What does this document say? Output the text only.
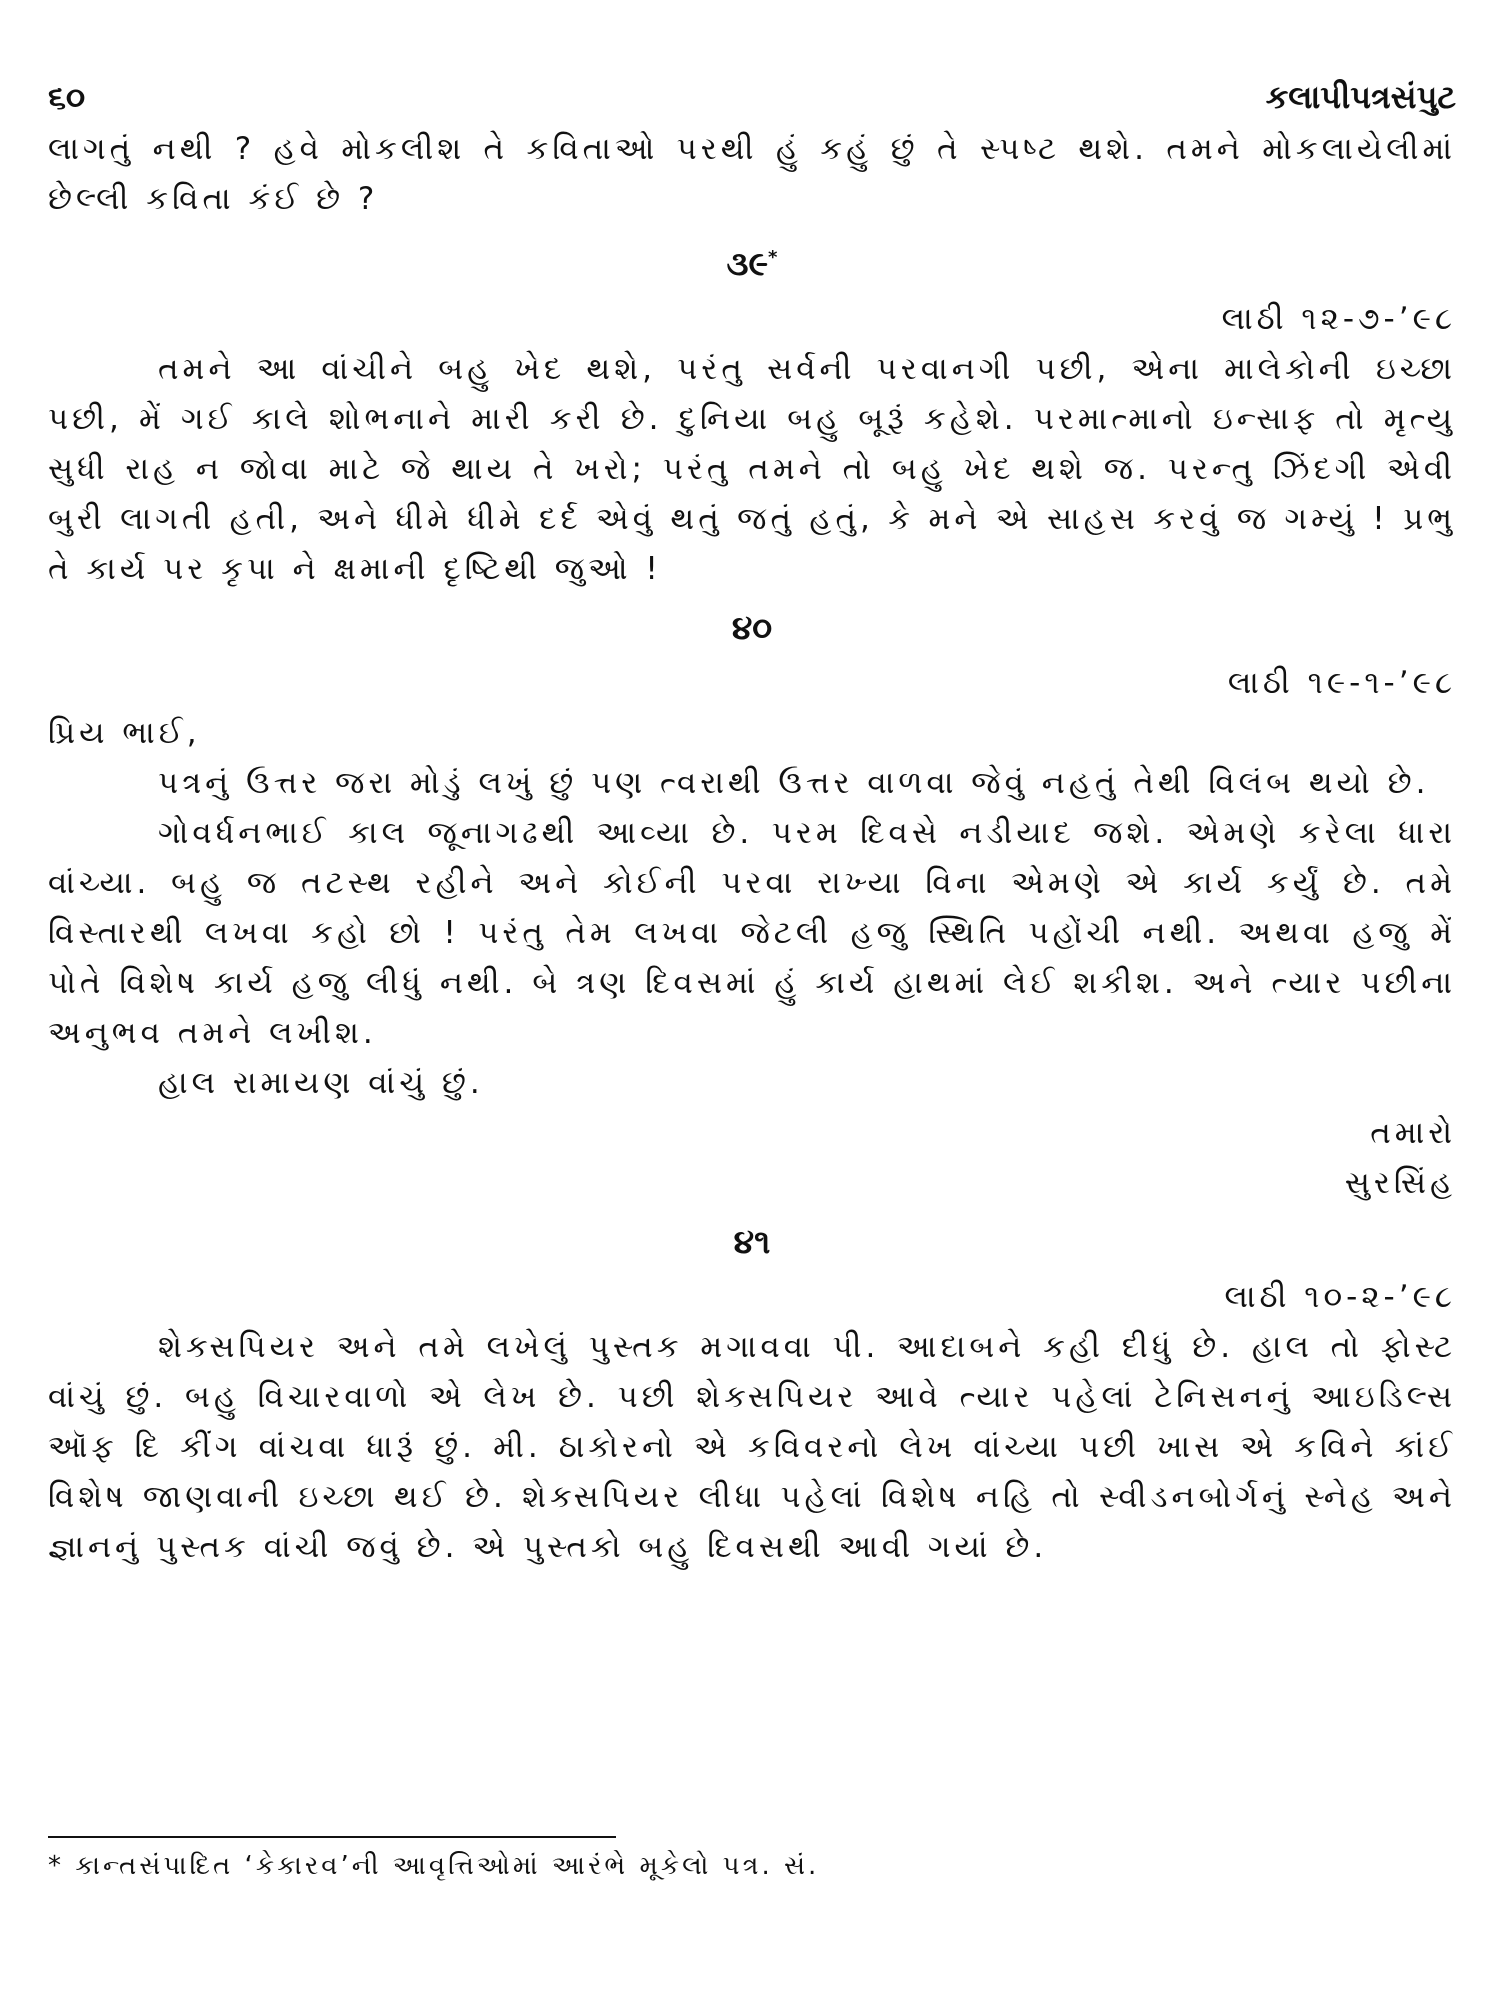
૬૦	કલાપીપત્રસંપુટ

લાગતું નથી ? હવે મોકલીશ તે કવિતાઓ પરથી હું કહું છું તે સ્પષ્ટ થશે. તમને મોકલાયેલીમાં છેલ્લી કવિતા કંઈ છે ?

૩૯*

લાઠી ૧૨-૭-’૯૮

તમને આ વાંચીને બહુ ખેદ થશે, પરંતુ સર્વની પરવાનગી પછી, એના માલેકોની ઇચ્છા પછી, મેં ગઈ કાલે શોભનાને મારી કરી છે. દુનિયા બહુ બૂરૂં કહેશે. પરમાત્માનો ઇન્સાફ તો મૃત્યુ સુધી રાહ ન જોવા માટે જે થાય તે ખરો; પરંતુ તમને તો બહુ ખેદ થશે જ. પરન્તુ ઝિંદગી એવી બુરી લાગતી હતી, અને ધીમે ધીમે દર્દ એવું થતું જતું હતું, કે મને એ સાહસ કરવું જ ગમ્યું ! પ્રભુ તે કાર્ય પર કૃપા ને ક્ષમાની દૃષ્ટિથી જુઓ !

૪૦

લાઠી ૧૯-૧-’૯૮

પ્રિય ભાઈ,

પત્રનું ઉત્તર જરા મોડું લખું છું પણ ત્વરાથી ઉત્તર વાળવા જેવું નહતું તેથી વિલંબ થયો છે.

ગોવર્ધનભાઈ કાલ જૂનાગઢથી આવ્યા છે. પરમ દિવસે નડીયાદ જશે. એમણે કરેલા ધારા વાંચ્યા. બહુ જ તટસ્થ રહીને અને કોઈની પરવા રાખ્યા વિના એમણે એ કાર્ય કર્યું છે. તમે વિસ્તારથી લખવા કહો છો ! પરંતુ તેમ લખવા જેટલી હજુ સ્થિતિ પહોંચી નથી. અથવા હજુ મેં પોતે વિશેષ કાર્ય હજુ લીધું નથી. બે ત્રણ દિવસમાં હું કાર્ય હાથમાં લેઈ શકીશ. અને ત્યાર પછીના અનુભવ તમને લખીશ.

હાલ રામાયણ વાંચું છું.

તમારો

સુરસિંહ

૪૧

લાઠી ૧૦-૨-’૯૮

શેક્સપિયર અને તમે લખેલું પુસ્તક મગાવવા પી. આદાબને કહી દીધું છે. હાલ તો ફોસ્ટ વાંચું છું. બહુ વિચારવાળો એ લેખ છે. પછી શેક્સપિયર આવે ત્યાર પહેલાં ટેનિસનનું આઇડિલ્સ ઑફ દિ કીંગ વાંચવા ધારૂં છું. મી. ઠાકોરનો એ કવિવરનો લેખ વાંચ્યા પછી ખાસ એ કવિને કાંઈ વિશેષ જાણવાની ઇચ્છા થઈ છે. શેક્સપિયર લીધા પહેલાં વિશેષ નહિ તો સ્વીડનબોર્ગનું સ્નેહ અને જ્ઞાનનું પુસ્તક વાંચી જવું છે. એ પુસ્તકો બહુ દિવસથી આવી ગયાં છે.

* કાન્તસંપાદિત ‘કેકારવ’ની આવૃત્તિઓમાં આરંભે મૂકેલો પત્ર. સં.
